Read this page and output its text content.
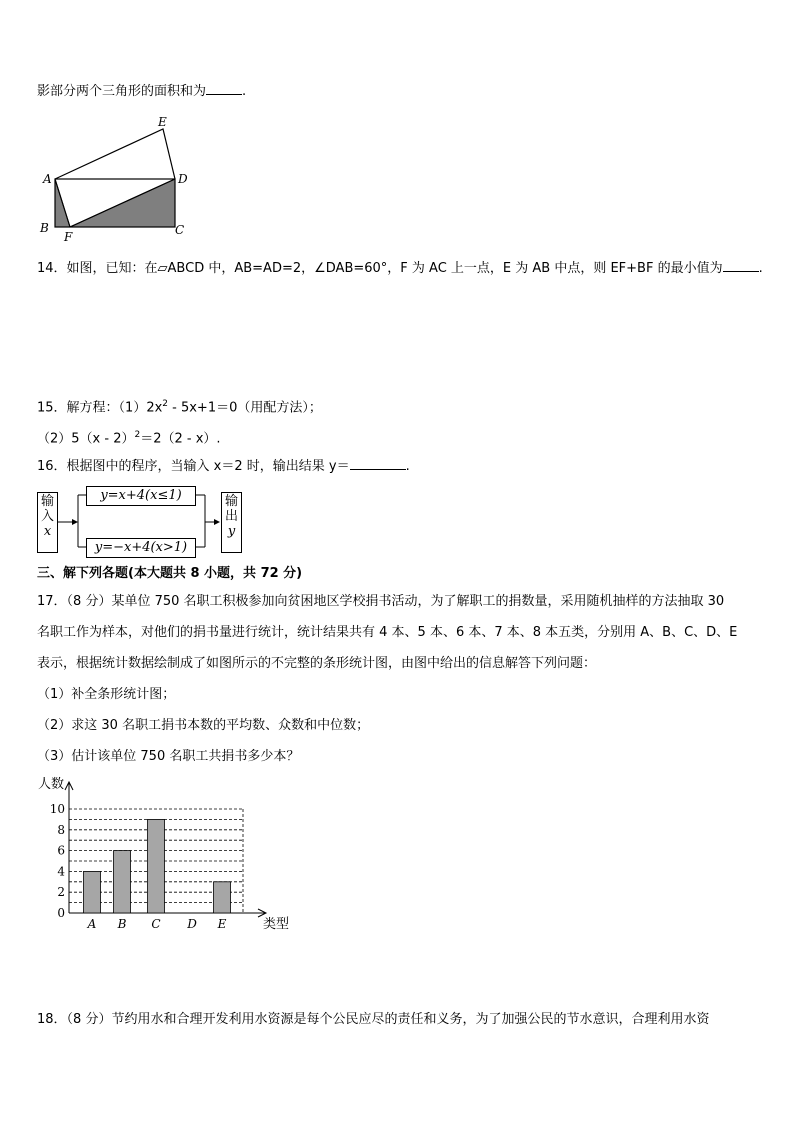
影部分两个三角形的面积和为	.
E
A	D
B
F	C
14．如图，已知：在▱ABCD 中，AB=AD=2，∠DAB=60°，F 为 AC 上一点，E 为 AB 中点，则 EF+BF 的最小值为	.
15．解方程：$(1)2x^2 - 5x+1=0$（用配方法）；
（2）5（x - 2）$^2$＝2（2 - x）.
16．根据图中的程序，当输入 x＝2 时，输出结果 y＝	.
输
入
x
y=x+4(x≤1)
y=−x+4(x>1)
输
出
y
三、解下列各题(本大题共 8 小题，共 72 分)
17．（8 分）某单位 750 名职工积极参加向贫困地区学校捐书活动，为了解职工的捐数量，采用随机抽样的方法抽取 30
名职工作为样本，对他们的捐书量进行统计，统计结果共有 4 本、5 本、6 本、7 本、8 本五类，分别用 A、B、C、D、E
表示，根据统计数据绘制成了如图所示的不完整的条形统计图，由图中给出的信息解答下列问题：
（1）补全条形统计图；
（2）求这 30 名职工捐书本数的平均数、众数和中位数；
（3）估计该单位 750 名职工共捐书多少本？
0
2
4
6
8
10
人数
类型
A B C D E
18．（8 分）节约用水和合理开发利用水资源是每个公民应尽的责任和义务，为了加强公民的节水意识，合理利用水资
